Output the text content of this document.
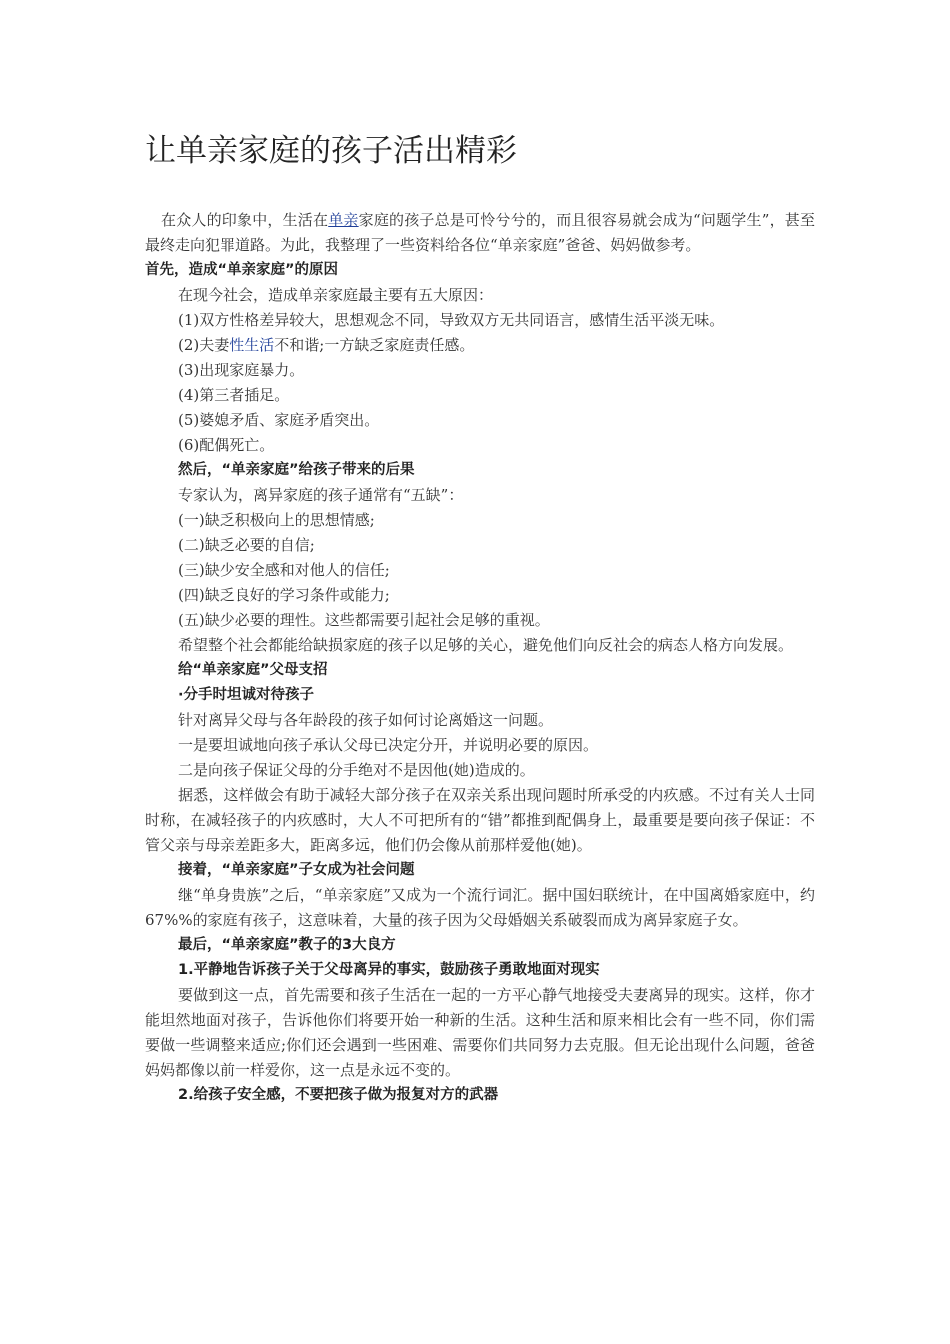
让单亲家庭的孩子活出精彩

在众人的印象中，生活在单亲家庭的孩子总是可怜兮兮的，而且很容易就会成为“问题学生”，甚至最终走向犯罪道路。为此，我整理了一些资料给各位“单亲家庭”爸爸、妈妈做参考。

首先，造成“单亲家庭”的原因

在现今社会，造成单亲家庭最主要有五大原因：

(1)双方性格差异较大，思想观念不同，导致双方无共同语言，感情生活平淡无味。

(2)夫妻性生活不和谐;一方缺乏家庭责任感。

(3)出现家庭暴力。

(4)第三者插足。

(5)婆媳矛盾、家庭矛盾突出。

(6)配偶死亡。

然后，“单亲家庭”给孩子带来的后果

专家认为，离异家庭的孩子通常有“五缺”：

(一)缺乏积极向上的思想情感;

(二)缺乏必要的自信;

(三)缺少安全感和对他人的信任;

(四)缺乏良好的学习条件或能力;

(五)缺少必要的理性。这些都需要引起社会足够的重视。

希望整个社会都能给缺损家庭的孩子以足够的关心，避免他们向反社会的病态人格方向发展。

给“单亲家庭”父母支招

·分手时坦诚对待孩子

针对离异父母与各年龄段的孩子如何讨论离婚这一问题。

一是要坦诚地向孩子承认父母已决定分开，并说明必要的原因。

二是向孩子保证父母的分手绝对不是因他(她)造成的。

据悉，这样做会有助于减轻大部分孩子在双亲关系出现问题时所承受的内疚感。不过有关人士同时称，在减轻孩子的内疚感时，大人不可把所有的“错”都推到配偶身上，最重要是要向孩子保证：不管父亲与母亲差距多大，距离多远，他们仍会像从前那样爱他(她)。

接着，“单亲家庭”子女成为社会问题

继“单身贵族”之后，“单亲家庭”又成为一个流行词汇。据中国妇联统计，在中国离婚家庭中，约67%%的家庭有孩子，这意味着，大量的孩子因为父母婚姻关系破裂而成为离异家庭子女。

最后，“单亲家庭”教子的3大良方

1.平静地告诉孩子关于父母离异的事实，鼓励孩子勇敢地面对现实

要做到这一点，首先需要和孩子生活在一起的一方平心静气地接受夫妻离异的现实。这样，你才能坦然地面对孩子，告诉他你们将要开始一种新的生活。这种生活和原来相比会有一些不同，你们需要做一些调整来适应;你们还会遇到一些困难、需要你们共同努力去克服。但无论出现什么问题，爸爸妈妈都像以前一样爱你，这一点是永远不变的。

2.给孩子安全感，不要把孩子做为报复对方的武器
